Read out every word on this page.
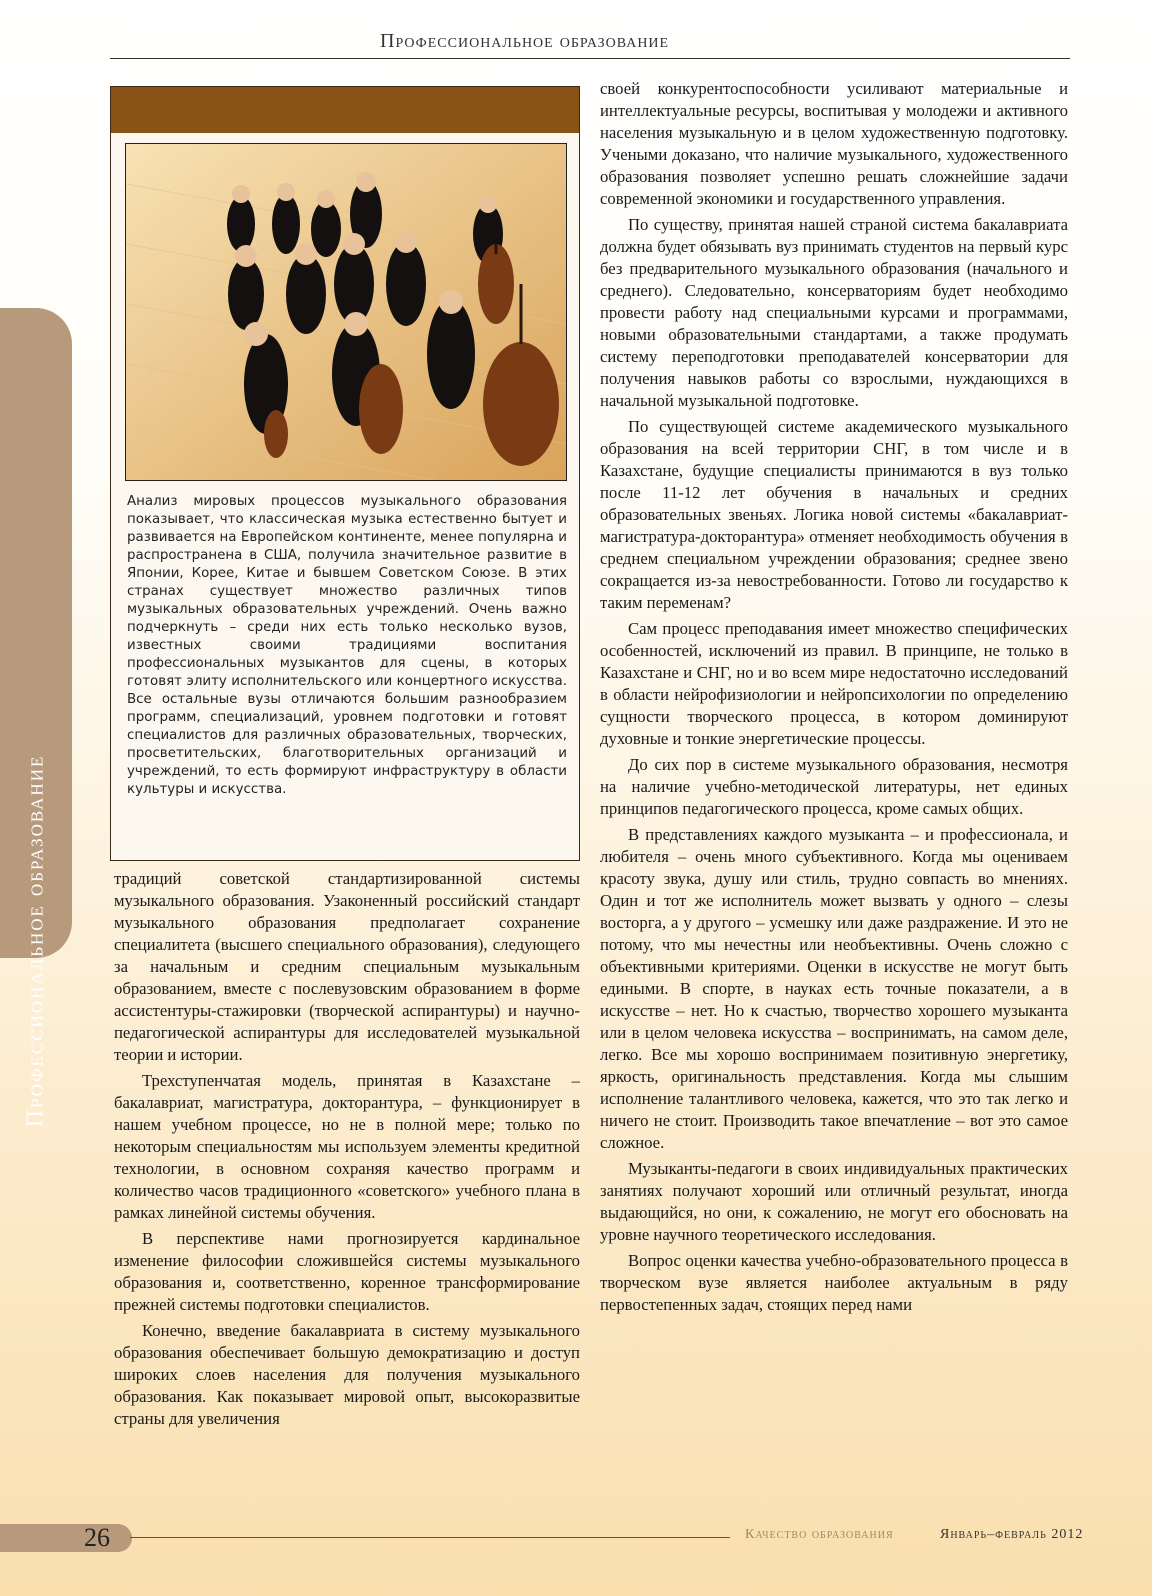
Профессиональное образование
Профессиональное образование

Анализ мировых процессов музыкального образования показывает, что классическая музыка естественно бытует и развивается на Европейском континенте, менее популярна и распространена в США, получила значительное развитие в Японии, Корее, Китае и бывшем Советском Союзе. В этих странах существует множество различных типов музыкальных образовательных учреждений. Очень важно подчеркнуть – среди них есть только несколько вузов, известных своими традициями воспитания профессиональных музыкантов для сцены, в которых готовят элиту исполнительского или концертного искусства. Все остальные вузы отличаются большим разнообразием программ, специализаций, уровнем подготовки и готовят специалистов для различных образовательных, творческих, просветительских, благотворительных организаций и учреждений, то есть формируют инфраструктуру в области культуры и искусства.

традиций советской стандартизированной системы музыкального образования. Узаконенный российский стандарт музыкального образования предполагает сохранение специалитета (высшего специального образования), следующего за начальным и средним специальным музыкальным образованием, вместе с послевузовским образованием в форме ассистентуры-стажировки (творческой аспирантуры) и научно-педагогической аспирантуры для исследователей музыкальной теории и истории.

Трехступенчатая модель, принятая в Казахстане – бакалавриат, магистратура, докторантура, – функционирует в нашем учебном процессе, но не в полной мере; только по некоторым специальностям мы используем элементы кредитной технологии, в основном сохраняя качество программ и количество часов традиционного «советского» учебного плана в рамках линейной системы обучения.

В перспективе нами прогнозируется кардинальное изменение философии сложившейся системы музыкального образования и, соответственно, коренное трансформирование прежней системы подготовки специалистов.

Конечно, введение бакалавриата в систему музыкального образования обеспечивает большую демократизацию и доступ широких слоев населения для получения музыкального образования. Как показывает мировой опыт, высокоразвитые страны для увеличения

своей конкурентоспособности усиливают материальные и интеллектуальные ресурсы, воспитывая у молодежи и активного населения музыкальную и в целом художественную подготовку. Учеными доказано, что наличие музыкального, художественного образования позволяет успешно решать сложнейшие задачи современной экономики и государственного управления.

По существу, принятая нашей страной система бакалавриата должна будет обязывать вуз принимать студентов на первый курс без предварительного музыкального образования (начального и среднего). Следовательно, консерваториям будет необходимо провести работу над специальными курсами и программами, новыми образовательными стандартами, а также продумать систему переподготовки преподавателей консерватории для получения навыков работы со взрослыми, нуждающихся в начальной музыкальной подготовке.

По существующей системе академического музыкального образования на всей территории СНГ, в том числе и в Казахстане, будущие специалисты принимаются в вуз только после 11-12 лет обучения в начальных и средних образовательных звеньях. Логика новой системы «бакалавриат-магистратура-докторантура» отменяет необходимость обучения в среднем специальном учреждении образования; среднее звено сокращается из-за невостребованности. Готово ли государство к таким переменам?

Сам процесс преподавания имеет множество специфических особенностей, исключений из правил. В принципе, не только в Казахстане и СНГ, но и во всем мире недостаточно исследований в области нейрофизиологии и нейропсихологии по определению сущности творческого процесса, в котором доминируют духовные и тонкие энергетические процессы.

До сих пор в системе музыкального образования, несмотря на наличие учебно-методической литературы, нет единых принципов педагогического процесса, кроме самых общих.

В представлениях каждого музыканта – и профессионала, и любителя – очень много субъективного. Когда мы оцениваем красоту звука, душу или стиль, трудно совпасть во мнениях. Один и тот же исполнитель может вызвать у одного – слезы восторга, а у другого – усмешку или даже раздражение. И это не потому, что мы нечестны или необъективны. Очень сложно с объективными критериями. Оценки в искусстве не могут быть едиными. В спорте, в науках есть точные показатели, а в искусстве – нет. Но к счастью, творчество хорошего музыканта или в целом человека искусства – воспринимать, на самом деле, легко. Все мы хорошо воспринимаем позитивную энергетику, яркость, оригинальность представления. Когда мы слышим исполнение талантливого человека, кажется, что это так легко и ничего не стоит. Производить такое впечатление – вот это самое сложное.

Музыканты-педагоги в своих индивидуальных практических занятиях получают хороший или отличный результат, иногда выдающийся, но они, к сожалению, не могут его обосновать на уровне научного теоретического исследования.

Вопрос оценки качества учебно-образовательного процесса в творческом вузе является наиболее актуальным в ряду первостепенных задач, стоящих перед нами

26	Качество образования	Январь–февраль 2012
